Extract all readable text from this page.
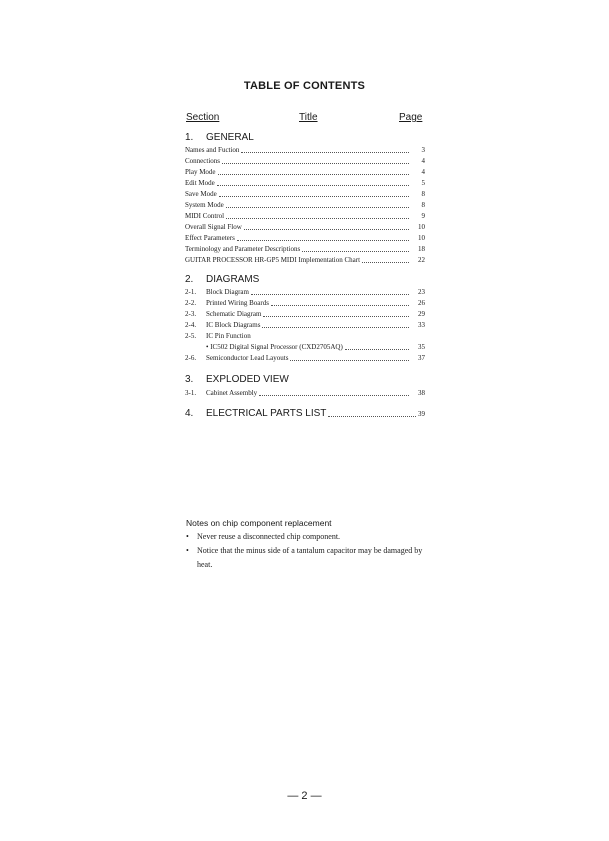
TABLE OF CONTENTS
Section	Title	Page
1. GENERAL
Names and Fuction	3
Connections	4
Play Mode	4
Edit Mode	5
Save Mode	8
System Mode	8
MIDI Control	9
Overall Signal Flow	10
Effect Parameters	10
Terminology and Parameter Descriptions	18
GUITAR PROCESSOR HR-GP5 MIDI Implementation Chart	22
2. DIAGRAMS
2-1.	Block Diagram	23
2-2.	Printed Wiring Boards	26
2-3.	Schematic Diagram	29
2-4.	IC Block Diagrams	33
2-5.	IC Pin Function
• IC502 Digital Signal Processor (CXD2705AQ)	35
2-6.	Semiconductor Lead Layouts	37
3. EXPLODED VIEW
3-1.	Cabinet Assembly	38
4.	ELECTRICAL PARTS LIST	39
Notes on chip component replacement
• Never reuse a disconnected chip component.
• Notice that the minus side of a tantalum capacitor may be damaged by heat.
— 2 —
